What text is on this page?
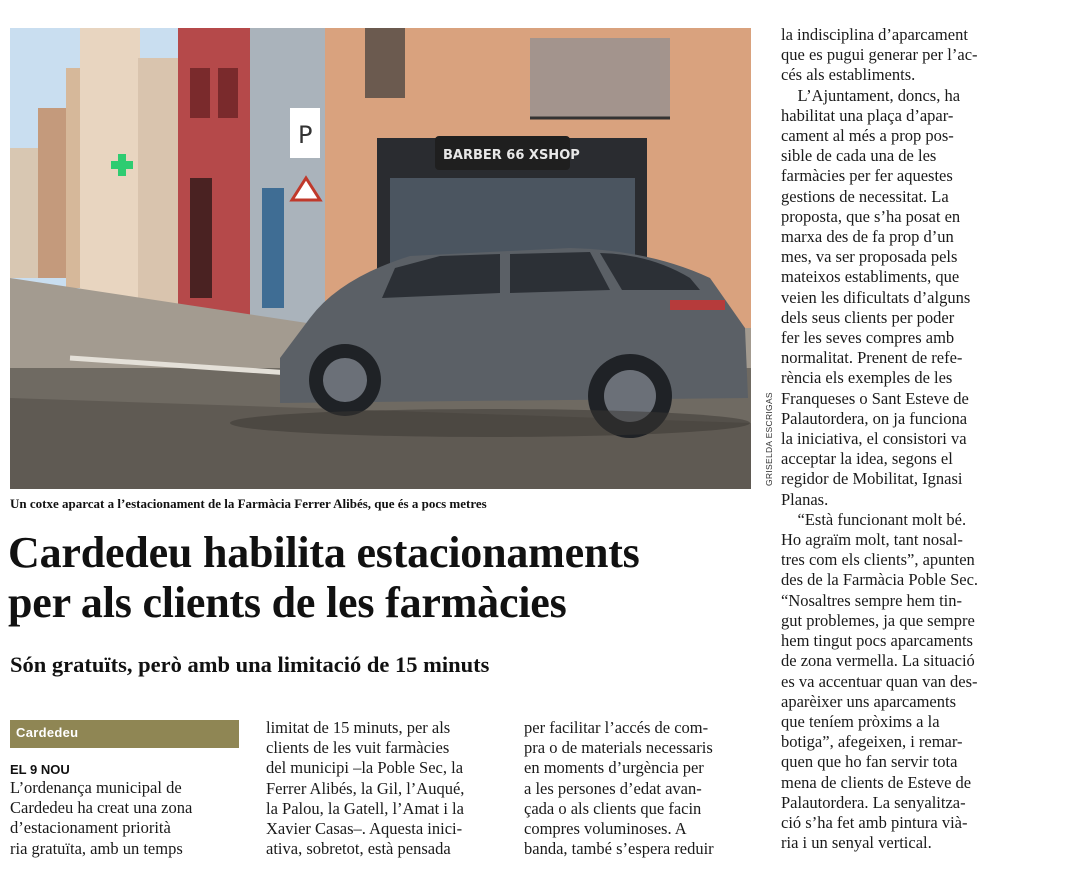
P
BARBER 66 XSHOP
GRISELDA ESCRIGAS
Un cotxe aparcat a l’estacionament de la Farmàcia Ferrer Alibés, que és a pocs metres
Cardedeu habilita estacionaments
per als clients de les farmàcies
Són gratuïts, però amb una limitació de 15 minuts
Cardedeu
EL 9 NOU

L’ordenança municipal de

Cardedeu ha creat una zona

d’estacionament priorità

ria gratuïta, amb un temps

limitat de 15 minuts, per als

clients de les vuit farmàcies

del municipi –la Poble Sec, la

Ferrer Alibés, la Gil, l’Auqué,

la Palou, la Gatell, l’Amat i la

Xavier Casas–. Aquesta inici-

ativa, sobretot, està pensada

per facilitar l’accés de com-

pra o de materials necessaris

en moments d’urgència per

a les persones d’edat avan-

çada o als clients que facin

compres voluminoses. A

banda, també s’espera reduir

la indisciplina d’aparcament

que es pugui generar per l’ac-

cés als establiments.

 L’Ajuntament, doncs, ha

habilitat una plaça d’apar-

cament al més a prop pos-

sible de cada una de les

farmàcies per fer aquestes

gestions de necessitat. La

proposta, que s’ha posat en

marxa des de fa prop d’un

mes, va ser proposada pels

mateixos establiments, que

veien les dificultats d’alguns

dels seus clients per poder

fer les seves compres amb

normalitat. Prenent de refe-

rència els exemples de les

Franqueses o Sant Esteve de

Palautordera, on ja funciona

la iniciativa, el consistori va

acceptar la idea, segons el

regidor de Mobilitat, Ignasi

Planas.

 “Està funcionant molt bé.

Ho agraïm molt, tant nosal-

tres com els clients”, apunten

des de la Farmàcia Poble Sec.

“Nosaltres sempre hem tin-

gut problemes, ja que sempre

hem tingut pocs aparcaments

de zona vermella. La situació

es va accentuar quan van des-

aparèixer uns aparcaments

que teníem pròxims a la

botiga”, afegeixen, i remar-

quen que ho fan servir tota

mena de clients de Esteve de

Palautordera. La senyalitza-

ció s’ha fet amb pintura vià-

ria i un senyal vertical.
